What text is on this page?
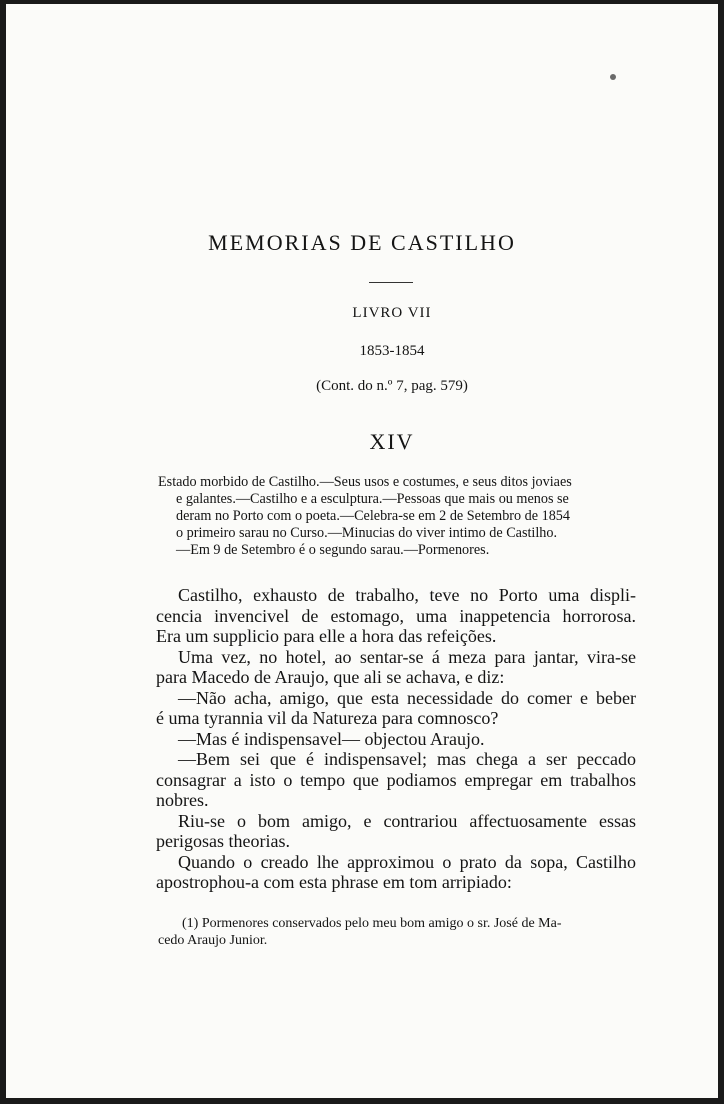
MEMORIAS DE CASTILHO
LIVRO VII
1853-1854
(Cont. do n.º 7, pag. 579)
XIV
Estado morbido de Castilho.—Seus usos e costumes, e seus ditos joviaes
e galantes.—Castilho e a esculptura.—Pessoas que mais ou menos se
deram no Porto com o poeta.—Celebra-se em 2 de Setembro de 1854
o primeiro sarau no Curso.—Minucias do viver intimo de Castilho.
—Em 9 de Setembro é o segundo sarau.—Pormenores.
Castilho, exhausto de trabalho, teve no Porto uma displi-
cencia invencivel de estomago, uma inappetencia horrorosa.
Era um supplicio para elle a hora das refeições.
Uma vez, no hotel, ao sentar-se á meza para jantar, vira-se
para Macedo de Araujo, que ali se achava, e diz:
—Não acha, amigo, que esta necessidade do comer e beber
é uma tyrannia vil da Natureza para comnosco?
—Mas é indispensavel— objectou Araujo.
—Bem sei que é indispensavel; mas chega a ser peccado
consagrar a isto o tempo que podiamos empregar em trabalhos
nobres.
Riu-se o bom amigo, e contrariou affectuosamente essas
perigosas theorias.
Quando o creado lhe approximou o prato da sopa, Castilho
apostrophou-a com esta phrase em tom arripiado:
(1) Pormenores conservados pelo meu bom amigo o sr. José de Ma-
cedo Araujo Junior.
